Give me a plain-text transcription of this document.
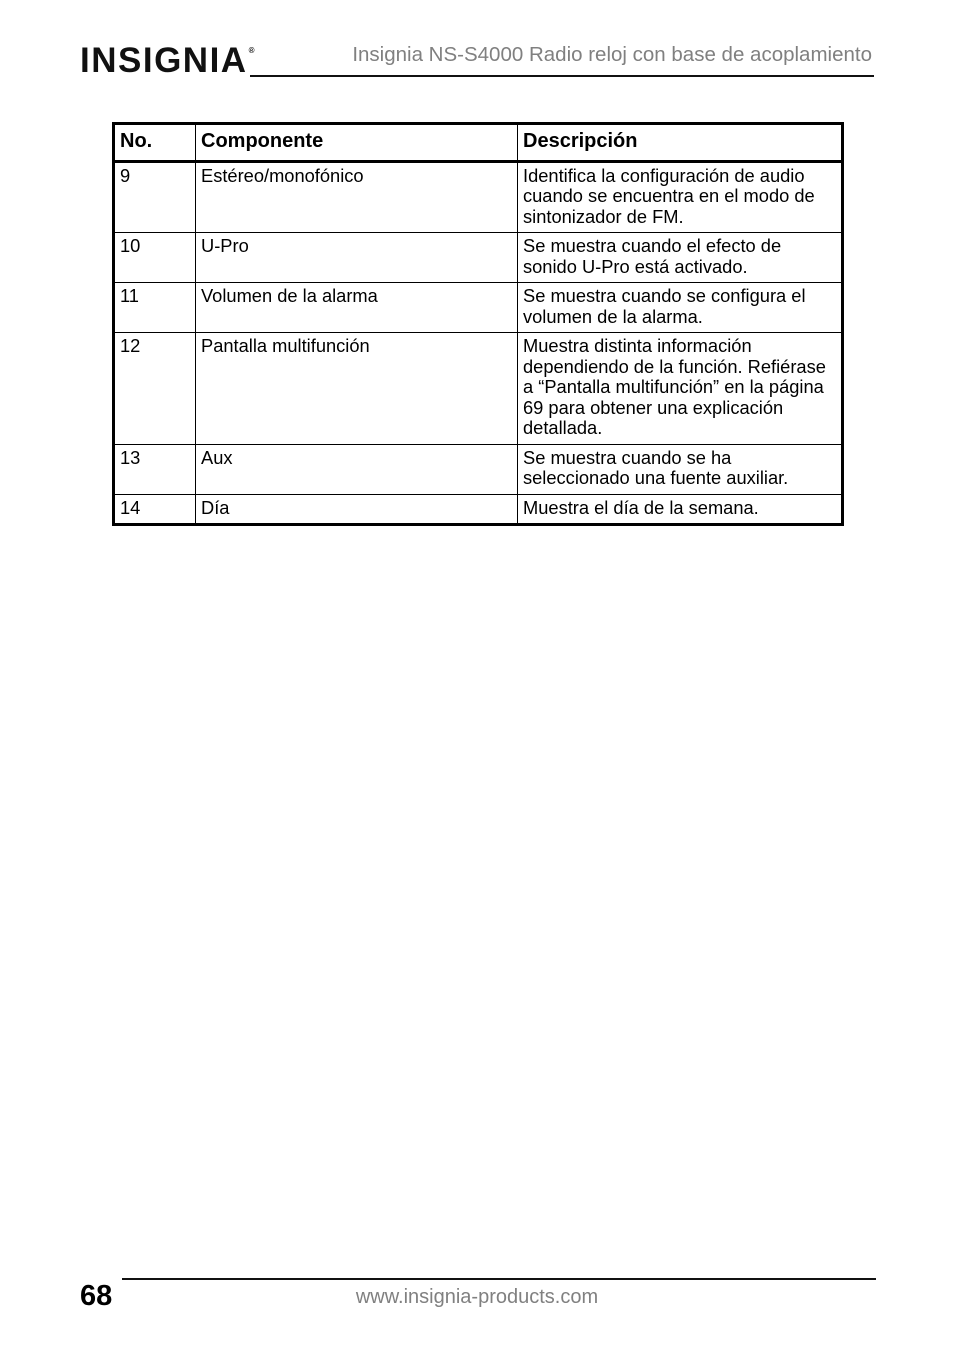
INSIGNIA®	Insignia NS-S4000 Radio reloj con base de acoplamiento
No.	Componente	Descripción
9	Estéreo/monofónico	Identifica la configuración de audio cuando se encuentra en el modo de sintonizador de FM.
10	U-Pro	Se muestra cuando el efecto de sonido U-Pro está activado.
11	Volumen de la alarma	Se muestra cuando se configura el volumen de la alarma.
12	Pantalla multifunción	Muestra distinta información dependiendo de la función. Refiérase a “Pantalla multifunción” en la página 69 para obtener una explicación detallada.
13	Aux	Se muestra cuando se ha seleccionado una fuente auxiliar.
14	Día	Muestra el día de la semana.
68	www.insignia-products.com
